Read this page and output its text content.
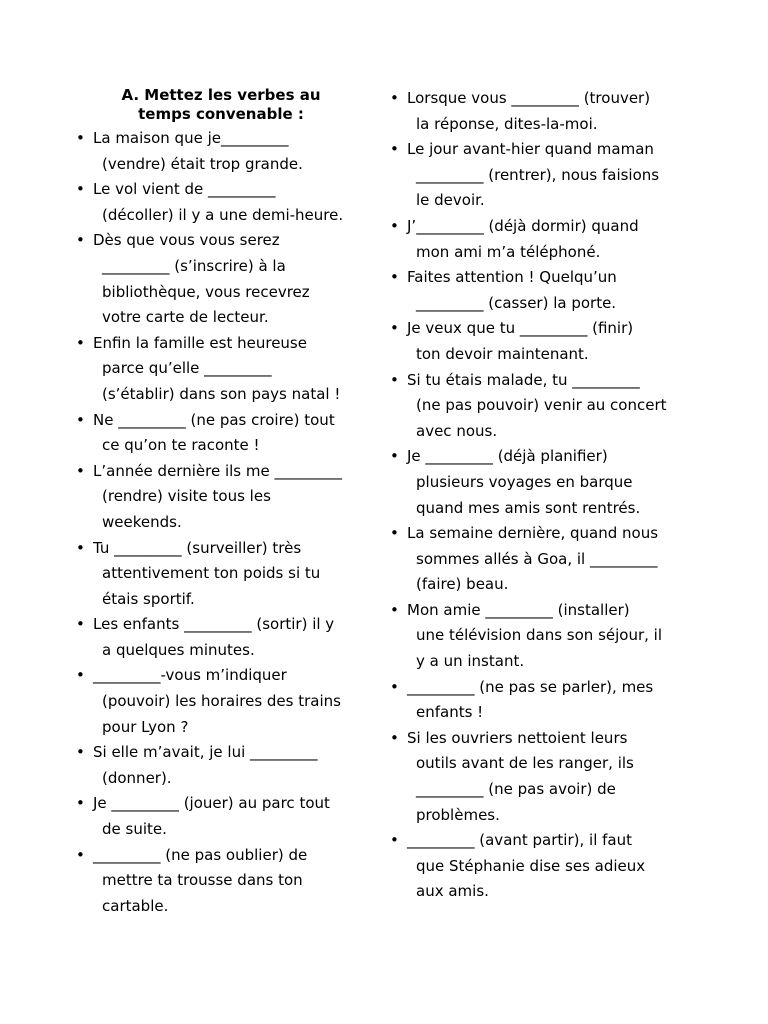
A. Mettez les verbes au
temps convenable :
• La maison que je_________
(vendre) était trop grande.
• Le vol vient de _________
(décoller) il y a une demi-heure.
• Dès que vous vous serez
_________ (s’inscrire) à la
bibliothèque, vous recevrez
votre carte de lecteur.
• Enfin la famille est heureuse
parce qu’elle _________
(s’établir) dans son pays natal !
• Ne _________ (ne pas croire) tout
ce qu’on te raconte !
• L’année dernière ils me _________
(rendre) visite tous les
weekends.
• Tu _________ (surveiller) très
attentivement ton poids si tu
étais sportif.
• Les enfants _________ (sortir) il y
a quelques minutes.
• _________-vous m’indiquer
(pouvoir) les horaires des trains
pour Lyon ?
• Si elle m’avait, je lui _________
(donner).
• Je _________ (jouer) au parc tout
de suite.
• _________ (ne pas oublier) de
mettre ta trousse dans ton
cartable.
• Lorsque vous _________ (trouver)
la réponse, dites-la-moi.
• Le jour avant-hier quand maman
_________ (rentrer), nous faisions
le devoir.
• J’_________ (déjà dormir) quand
mon ami m’a téléphoné.
• Faites attention ! Quelqu’un
_________ (casser) la porte.
• Je veux que tu _________ (finir)
ton devoir maintenant.
• Si tu étais malade, tu _________
(ne pas pouvoir) venir au concert
avec nous.
• Je _________ (déjà planifier)
plusieurs voyages en barque
quand mes amis sont rentrés.
• La semaine dernière, quand nous
sommes allés à Goa, il _________
(faire) beau.
• Mon amie _________ (installer)
une télévision dans son séjour, il
y a un instant.
• _________ (ne pas se parler), mes
enfants !
• Si les ouvriers nettoient leurs
outils avant de les ranger, ils
_________ (ne pas avoir) de
problèmes.
• _________ (avant partir), il faut
que Stéphanie dise ses adieux
aux amis.
